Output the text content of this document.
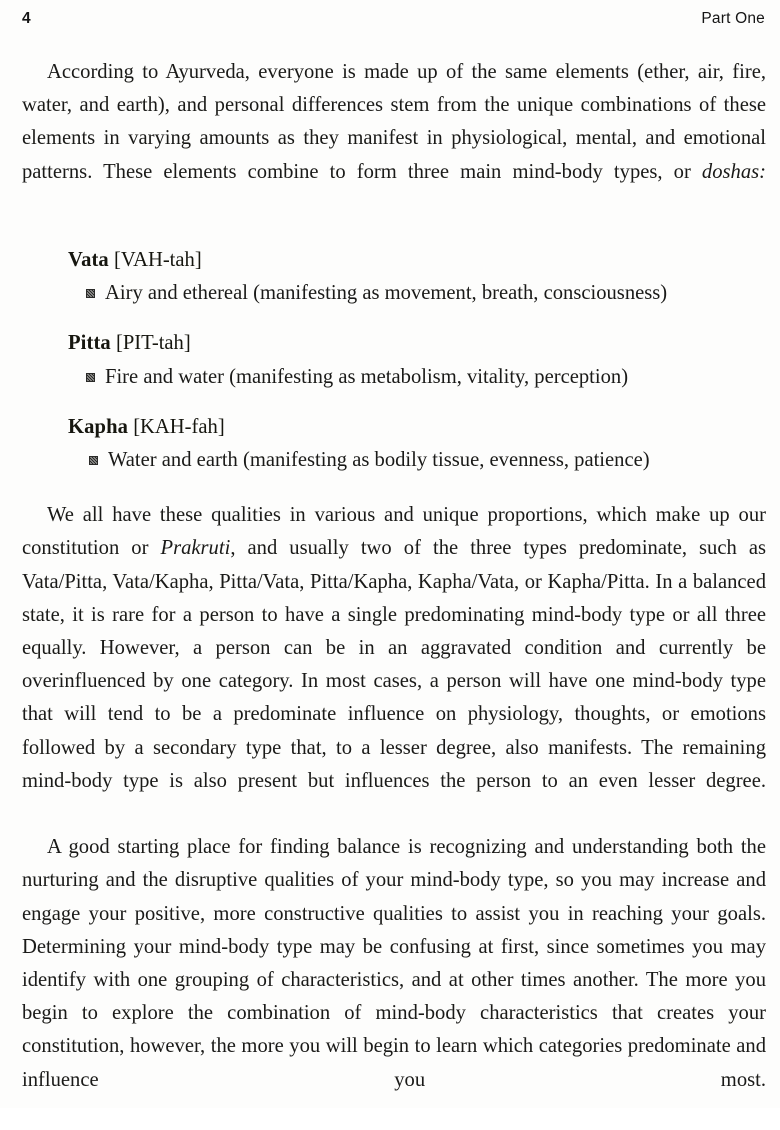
4	Part One

According to Ayurveda, everyone is made up of the same elements (ether, air, fire, water, and earth), and personal differences stem from the unique combinations of these elements in varying amounts as they manifest in physiological, mental, and emotional patterns. These elements combine to form three main mind-body types, or doshas:

Vata [VAH-tah]
Airy and ethereal (manifesting as movement, breath, consciousness)
Pitta [PIT-tah]
Fire and water (manifesting as metabolism, vitality, perception)
Kapha [KAH-fah]
Water and earth (manifesting as bodily tissue, evenness, patience)

We all have these qualities in various and unique proportions, which make up our constitution or Prakruti, and usually two of the three types predominate, such as Vata/Pitta, Vata/Kapha, Pitta/Vata, Pitta/Kapha, Kapha/Vata, or Kapha/Pitta. In a balanced state, it is rare for a person to have a single predominating mind-body type or all three equally. However, a person can be in an aggravated condition and currently be overinfluenced by one category. In most cases, a person will have one mind-body type that will tend to be a predominate influence on physiology, thoughts, or emotions followed by a secondary type that, to a lesser degree, also manifests. The remaining mind-body type is also present but influences the person to an even lesser degree.

A good starting place for finding balance is recognizing and understanding both the nurturing and the disruptive qualities of your mind-body type, so you may increase and engage your positive, more constructive qualities to assist you in reaching your goals. Determining your mind-body type may be confusing at first, since sometimes you may identify with one grouping of characteristics, and at other times another. The more you begin to explore the combination of mind-body characteristics that creates your constitution, however, the more you will begin to learn which categories predominate and influence you most.
